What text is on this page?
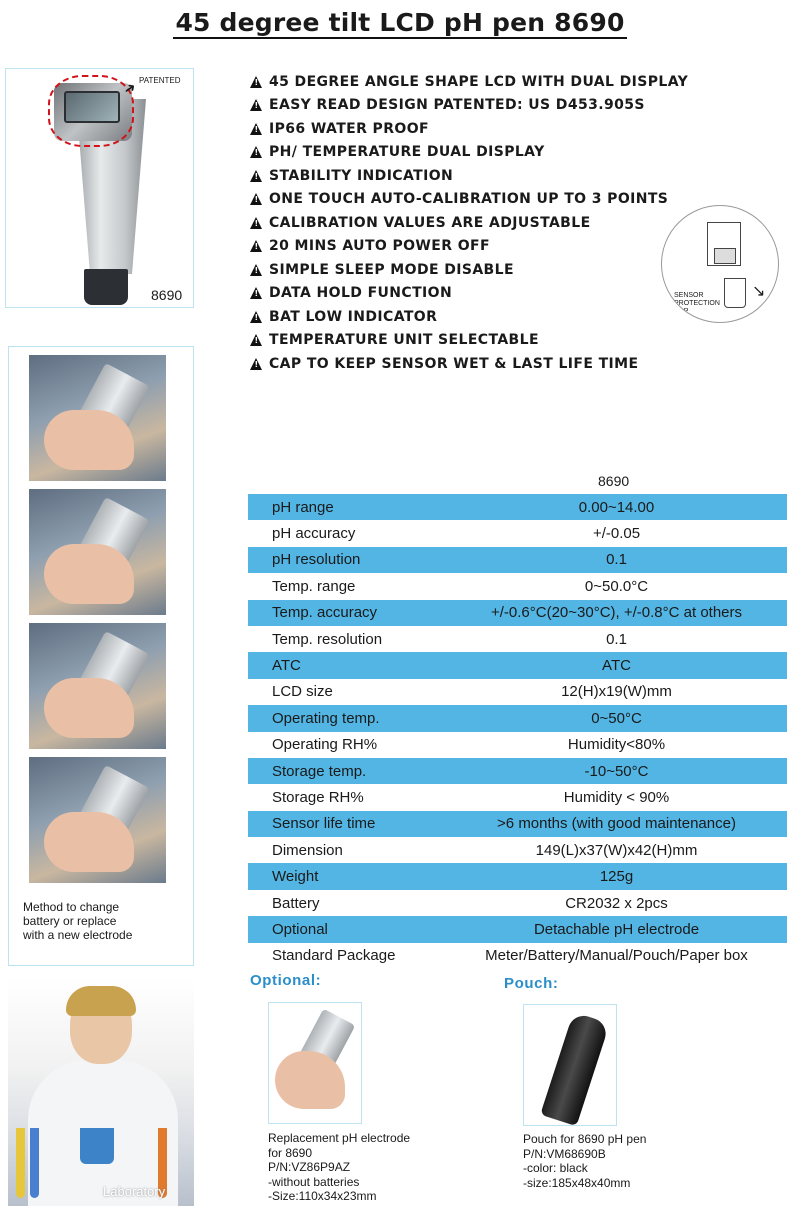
45 degree tilt LCD pH pen 8690
➜ PATENTED
8690
!
45 DEGREE ANGLE SHAPE LCD WITH DUAL DISPLAY
!
EASY READ DESIGN PATENTED: US D453.905S
!
IP66 WATER PROOF
!
PH/ TEMPERATURE DUAL DISPLAY
!
STABILITY INDICATION
!
ONE TOUCH AUTO-CALIBRATION UP TO 3 POINTS
!
CALIBRATION VALUES ARE ADJUSTABLE
!
20 MINS AUTO POWER OFF
!
SIMPLE SLEEP MODE DISABLE
!
DATA HOLD FUNCTION
!
BAT LOW INDICATOR
!
TEMPERATURE UNIT SELECTABLE
!
CAP TO KEEP SENSOR WET & LAST LIFE TIME
↘
SENSOR
PROTECTION
CAP
Method to change
battery or replace
with a new electrode
8690
pH range	0.00~14.00
pH accuracy	+/-0.05
pH resolution	0.1
Temp. range	0~50.0°C
Temp. accuracy	+/-0.6°C(20~30°C), +/-0.8°C at others
Temp. resolution	0.1
ATC	ATC
LCD size	12(H)x19(W)mm
Operating temp.	0~50°C
Operating RH%	Humidity<80%
Storage temp.	-10~50°C
Storage RH%	Humidity < 90%
Sensor life time	>6 months (with good maintenance)
Dimension	149(L)x37(W)x42(H)mm
Weight	125g
Battery	CR2032 x 2pcs
Optional	Detachable pH electrode
Standard Package	Meter/Battery/Manual/Pouch/Paper box
Laboratory
Optional:
Replacement pH electrode
for 8690
P/N:VZ86P9AZ
-without batteries
-Size:110x34x23mm
Pouch:
Pouch for 8690 pH pen
P/N:VM68690B
-color: black
-size:185x48x40mm
